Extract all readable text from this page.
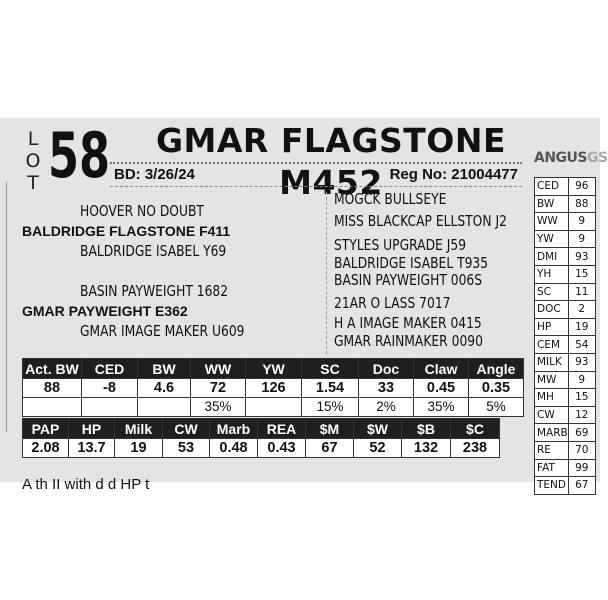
L
O
T 58	GMAR FLAGSTONE M452
BD: 3/26/24	Reg No: 21004477
HOOVER NO DOUBT
BALDRIDGE FLAGSTONE F411
BALDRIDGE ISABEL Y69
BASIN PAYWEIGHT 1682
GMAR PAYWEIGHT E362
GMAR IMAGE MAKER U609
MOGCK BULLSEYE
MISS BLACKCAP ELLSTON J2
STYLES UPGRADE J59
BALDRIDGE ISABEL T935
BASIN PAYWEIGHT 006S
21AR O LASS 7017
H A IMAGE MAKER 0415
GMAR RAINMAKER 0090
ANGUSGS
CED	96
BW	88
WW	9
YW	9
DMI	93
YH	15
SC	11
DOC	2
HP	19
CEM	54
MILK	93
MW	9
MH	15
CW	12
MARB	69
RE	70
FAT	99
TEND	67
Act. BW	CED	BW	WW	YW	SC	Doc	Claw	Angle
88	-8	4.6	72	126	1.54	33	0.45	0.35
			35%		15%	2%	35%	5%
PAP	HP	Milk	CW	Marb	REA	$M	$W	$B	$C
2.08	13.7	19	53	0.48	0.43	67	52	132	238
A th II with d d HP t
